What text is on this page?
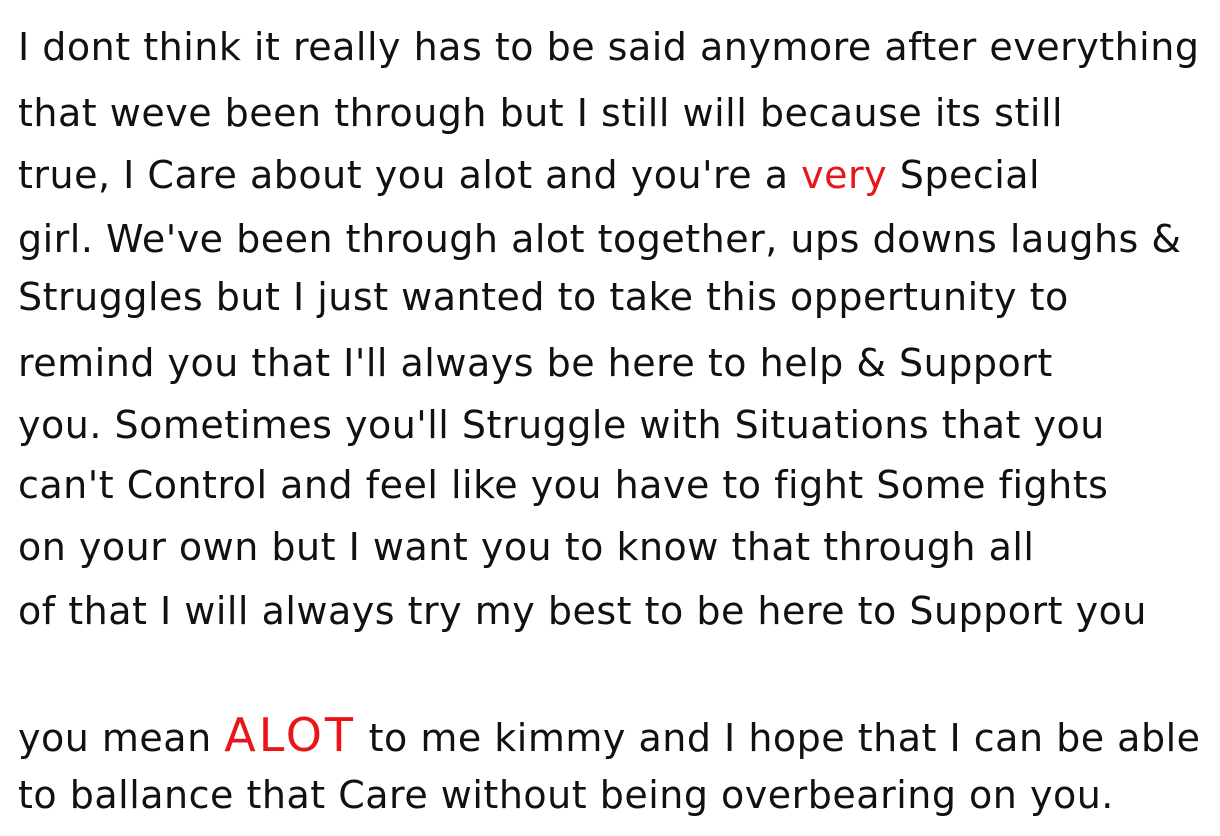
I dont think it really has to be said anymore after everything
that weve been through but I still will because its still
true, I Care about you alot and you're a very Special
girl. We've been through alot together, ups downs laughs &
Struggles but I just wanted to take this oppertunity to
remind you that I'll always be here to help & Support
you. Sometimes you'll Struggle with Situations that you
can't Control and feel like you have to fight Some fights
on your own but I want you to know that through all
of that I will always try my best to be here to Support you
you mean ALOT to me kimmy and I hope that I can be able
to ballance that Care without being overbearing on you.
